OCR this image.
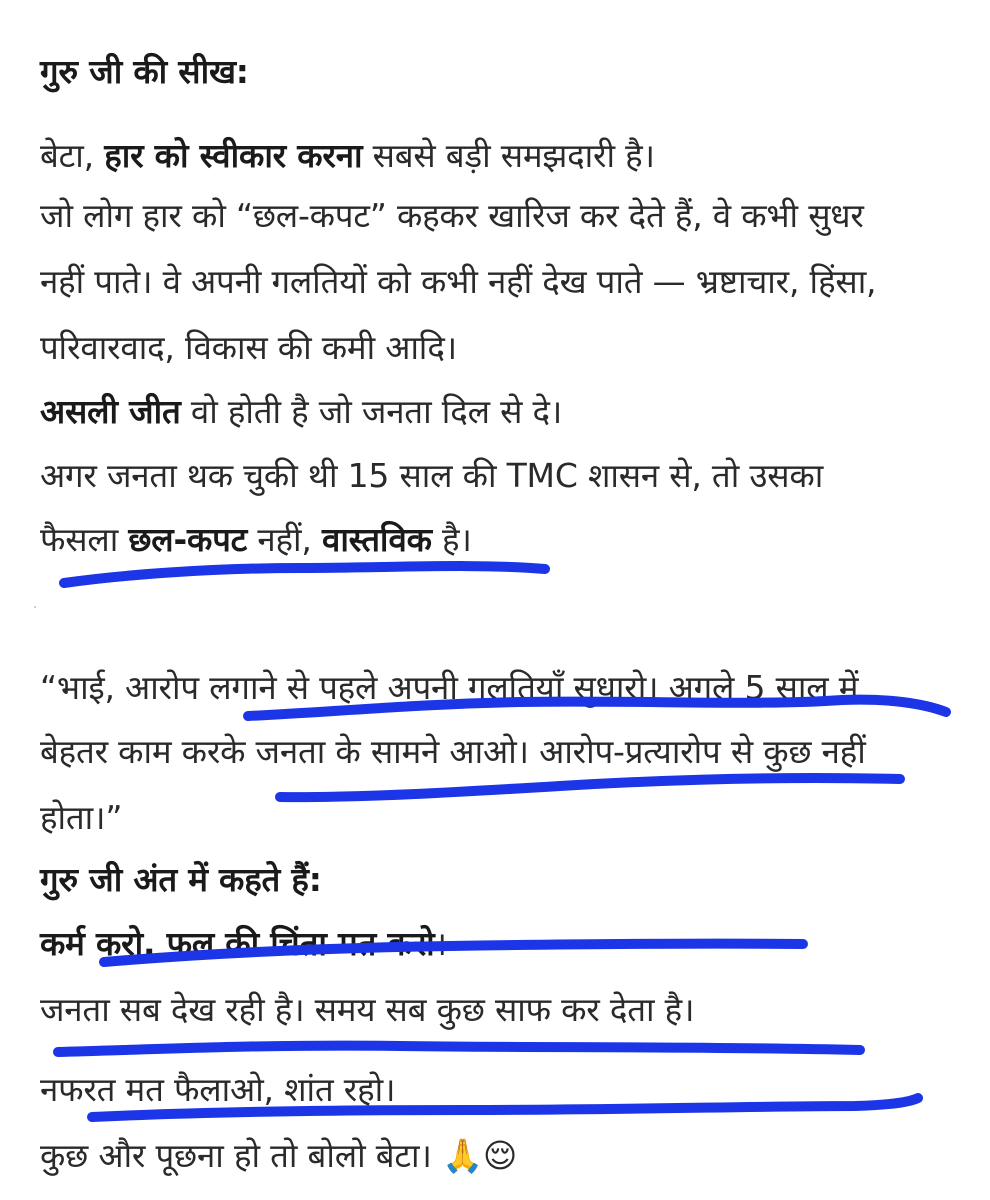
गुरु जी की सीख:
बेटा, हार को स्वीकार करना सबसे बड़ी समझदारी है।
जो लोग हार को “छल-कपट” कहकर खारिज कर देते हैं, वे कभी सुधर
नहीं पाते। वे अपनी गलतियों को कभी नहीं देख पाते — भ्रष्टाचार, हिंसा,
परिवारवाद, विकास की कमी आदि।
असली जीत वो होती है जो जनता दिल से दे।
अगर जनता थक चुकी थी 15 साल की TMC शासन से, तो उसका
फैसला छल-कपट नहीं, वास्तविक है।
“भाई, आरोप लगाने से पहले अपनी गलतियाँ सुधारो। अगले 5 साल में
बेहतर काम करके जनता के सामने आओ। आरोप-प्रत्यारोप से कुछ नहीं
होता।”
गुरु जी अंत में कहते हैं:
कर्म करो, फल की चिंता मत करो।
जनता सब देख रही है। समय सब कुछ साफ कर देता है।
नफरत मत फैलाओ, शांत रहो।
कुछ और पूछना हो तो बोलो बेटा। 🙏😌
